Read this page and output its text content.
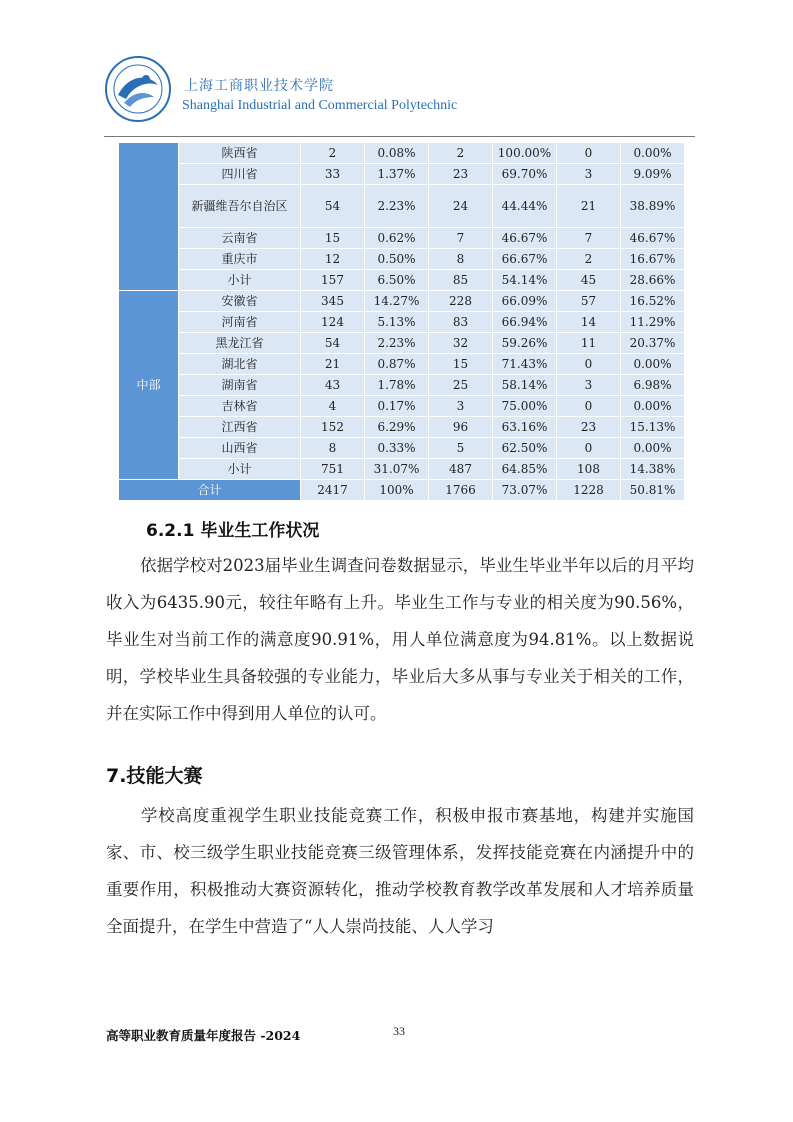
上海工商职业技术学院
Shanghai Industrial and Commercial Polytechnic
	陕西省	2	0.08%	2	100.00%	0	0.00%
	四川省	33	1.37%	23	69.70%	3	9.09%
	新疆维吾尔自治区	54	2.23%	24	44.44%	21	38.89%
	云南省	15	0.62%	7	46.67%	7	46.67%
	重庆市	12	0.50%	8	66.67%	2	16.67%
	小计	157	6.50%	85	54.14%	45	28.66%
中部	安徽省	345	14.27%	228	66.09%	57	16.52%
	河南省	124	5.13%	83	66.94%	14	11.29%
	黑龙江省	54	2.23%	32	59.26%	11	20.37%
	湖北省	21	0.87%	15	71.43%	0	0.00%
	湖南省	43	1.78%	25	58.14%	3	6.98%
	吉林省	4	0.17%	3	75.00%	0	0.00%
	江西省	152	6.29%	96	63.16%	23	15.13%
	山西省	8	0.33%	5	62.50%	0	0.00%
	小计	751	31.07%	487	64.85%	108	14.38%
合计		2417	100%	1766	73.07%	1228	50.81%
6.2.1 毕业生工作状况
依据学校对2023届毕业生调查问卷数据显示，毕业生毕业半年以后的月平均收入为6435.90元，较往年略有上升。毕业生工作与专业的相关度为90.56%，毕业生对当前工作的满意度90.91%，用人单位满意度为94.81%。以上数据说明，学校毕业生具备较强的专业能力，毕业后大多从事与专业关于相关的工作，并在实际工作中得到用人单位的认可。
7.技能大赛
学校高度重视学生职业技能竞赛工作，积极申报市赛基地，构建并实施国家、市、校三级学生职业技能竞赛三级管理体系，发挥技能竞赛在内涵提升中的重要作用，积极推动大赛资源转化，推动学校教育教学改革发展和人才培养质量全面提升，在学生中营造了“人人崇尚技能、人人学习
高等职业教育质量年度报告 -2024	33
